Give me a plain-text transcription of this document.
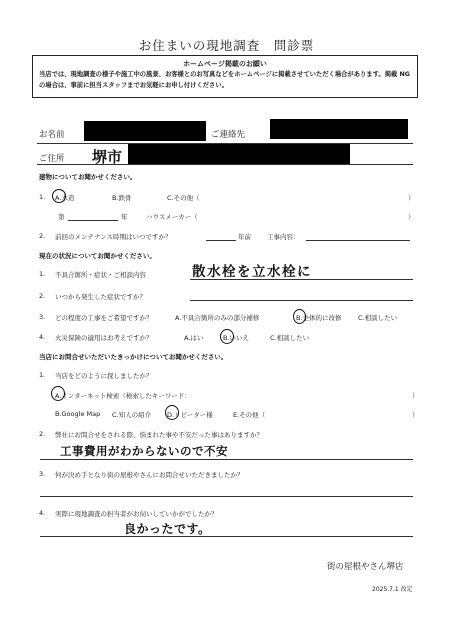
お住まいの現地調査　問診票
ホームページ掲載のお願い
当店では、現地調査の様子や施工中の風景、お客様とのお写真などをホームページに掲載させていただく場合があります。掲載 NG の場合は、事前に担当スタッフまでお気軽にお申し付けください。
お名前	ご連絡先
ご住所 堺市
建物についてお聞かせください。
1. A.木造	B.鉄骨	C.その他（	）
第	年	ハウスメーカー（	）
2. 前回のメンテナンス時期はいつですか？	年前 工事内容：
現在の状況についてお聞かせください。
1. 不具合箇所・症状・ご相談内容	散水栓を立水栓に
2. いつから発生した症状ですか？
3. どの程度の工事をご希望ですか？	A.不具合箇所のみの部分補修	B.全体的に改修	C.相談したい
4. 火災保険の適用はお考えですか？	A.はい	B.いいえ	C.相談したい
当店にお問合せいただいたきっかけについてお聞かせください。
1. 当店をどのように探しましたか？
A.インターネット検索（検索したキーワード：	）
B.Google Map C.知人の紹介 D.リピーター様	E.その他（	）
2. 弊社にお問合せをされる際、悩まれた事や不安だった事はありますか？
工事費用がわからないので不安
3. 何が決め手となり街の屋根やさんにお問合せいただきましたか？
4. 実際に現地調査の担当者がお伺いしていかがでしたか？
良かったです。
街の屋根やさん堺店
2025.7.1 改定
